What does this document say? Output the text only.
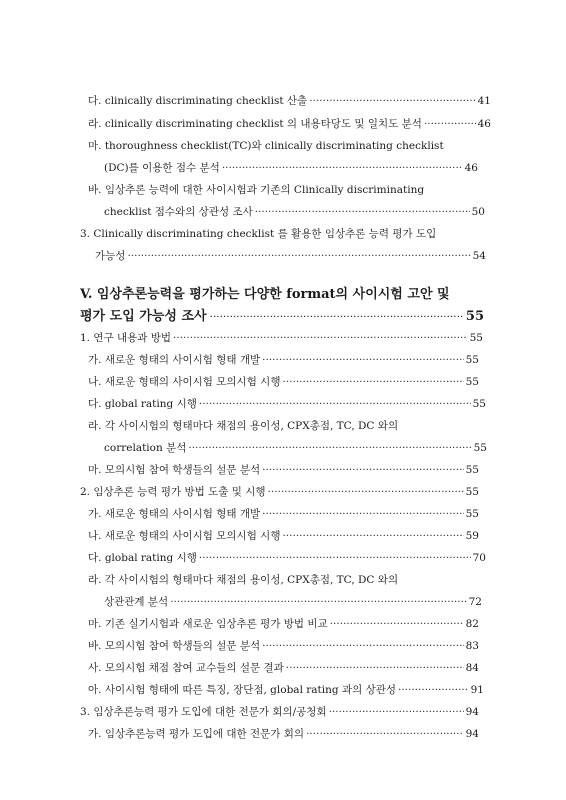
다. clinically discriminating checklist 산출 ·····	41
라. clinically discriminating checklist 의 내용타당도 및 일치도 분석 ·····	46
마. thoroughness checklist(TC)와 clinically discriminating checklist
(DC)를 이용한 점수 분석 ·····	46
바. 임상추론 능력에 대한 사이시험과 기존의 Clinically discriminating
checklist 점수와의 상관성 조사 ·····	50
3. Clinically discriminating checklist 를 활용한 임상추론 능력 평가 도입
가능성 ·····	54
V. 임상추론능력을 평가하는 다양한 format의 사이시험 고안 및
평가 도입 가능성 조사 ·····	55
1. 연구 내용과 방법 ·····	55
가. 새로운 형태의 사이시험 형태 개발 ·····	55
나. 새로운 형태의 사이시험 모의시험 시행 ·····	55
다. global rating 시행 ·····	55
라. 각 사이시험의 형태마다 채점의 용이성, CPX총점, TC, DC 와의
correlation 분석 ·····	55
마. 모의시험 참여 학생들의 설문 분석 ·····	55
2. 임상추론 능력 평가 방법 도출 및 시행 ·····	55
가. 새로운 형태의 사이시험 형태 개발 ·····	55
나. 새로운 형태의 사이시험 모의시험 시행 ·····	59
다. global rating 시행 ·····	70
라. 각 사이시험의 형태마다 채점의 용이성, CPX총점, TC, DC 와의
상관관계 분석 ·····	72
마. 기존 실기시험과 새로운 임상추론 평가 방법 비교 ·····	82
바. 모의시험 참여 학생들의 설문 분석 ·····	83
사. 모의시험 채점 참여 교수들의 설문 결과 ·····	84
아. 사이시험 형태에 따른 특징, 장단점, global rating 과의 상관성 ·····	91
3. 임상추론능력 평가 도입에 대한 전문가 회의/공청회 ·····	94
가. 임상추론능력 평가 도입에 대한 전문가 회의 ·····	94
